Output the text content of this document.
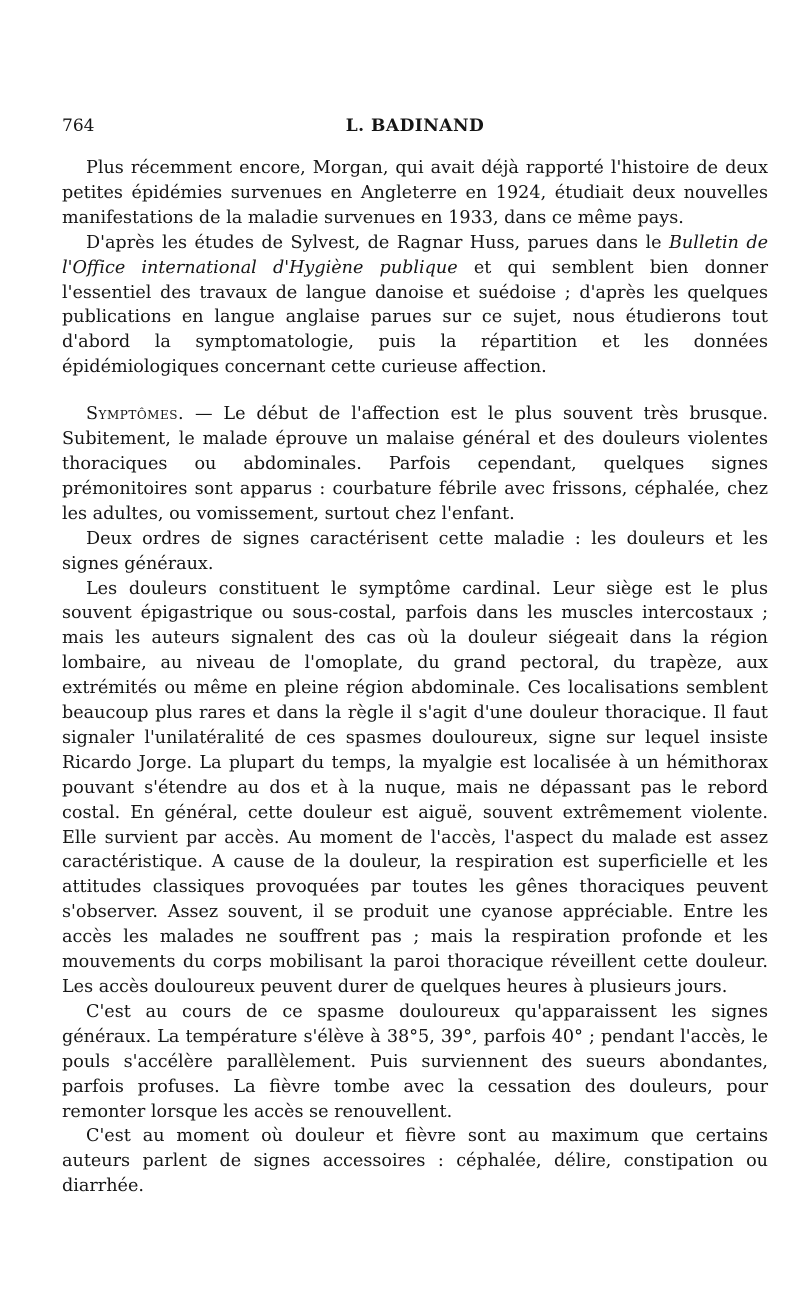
764	L. BADINAND

Plus récemment encore, Morgan, qui avait déjà rapporté l'histoire de deux petites épidémies survenues en Angleterre en 1924, étudiait deux nouvelles manifestations de la maladie survenues en 1933, dans ce même pays.

D'après les études de Sylvest, de Ragnar Huss, parues dans le Bulletin de l'Office international d'Hygiène publique et qui semblent bien donner l'essentiel des travaux de langue danoise et suédoise ; d'après les quelques publications en langue anglaise parues sur ce sujet, nous étudierons tout d'abord la symptomatologie, puis la répartition et les données épidémiologiques concernant cette curieuse affection.

Symptômes. — Le début de l'affection est le plus souvent très brusque. Subitement, le malade éprouve un malaise général et des douleurs violentes thoraciques ou abdominales. Parfois cependant, quelques signes prémonitoires sont apparus : courbature fébrile avec frissons, céphalée, chez les adultes, ou vomissement, surtout chez l'enfant.

Deux ordres de signes caractérisent cette maladie : les douleurs et les signes généraux.

Les douleurs constituent le symptôme cardinal. Leur siège est le plus souvent épigastrique ou sous-costal, parfois dans les muscles intercostaux ; mais les auteurs signalent des cas où la douleur siégeait dans la région lombaire, au niveau de l'omoplate, du grand pectoral, du trapèze, aux extrémités ou même en pleine région abdominale. Ces localisations semblent beaucoup plus rares et dans la règle il s'agit d'une douleur thoracique. Il faut signaler l'unilatéralité de ces spasmes douloureux, signe sur lequel insiste Ricardo Jorge. La plupart du temps, la myalgie est localisée à un hémithorax pouvant s'étendre au dos et à la nuque, mais ne dépassant pas le rebord costal. En général, cette douleur est aiguë, souvent extrêmement violente. Elle survient par accès. Au moment de l'accès, l'aspect du malade est assez caractéristique. A cause de la douleur, la respiration est superficielle et les attitudes classiques provoquées par toutes les gênes thoraciques peuvent s'observer. Assez souvent, il se produit une cyanose appréciable. Entre les accès les malades ne souffrent pas ; mais la respiration profonde et les mouvements du corps mobilisant la paroi thoracique réveillent cette douleur. Les accès douloureux peuvent durer de quelques heures à plusieurs jours.

C'est au cours de ce spasme douloureux qu'apparaissent les signes généraux. La température s'élève à 38°5, 39°, parfois 40° ; pendant l'accès, le pouls s'accélère parallèlement. Puis surviennent des sueurs abondantes, parfois profuses. La fièvre tombe avec la cessation des douleurs, pour remonter lorsque les accès se renouvellent.

C'est au moment où douleur et fièvre sont au maximum que certains auteurs parlent de signes accessoires : céphalée, délire, constipation ou diarrhée.
